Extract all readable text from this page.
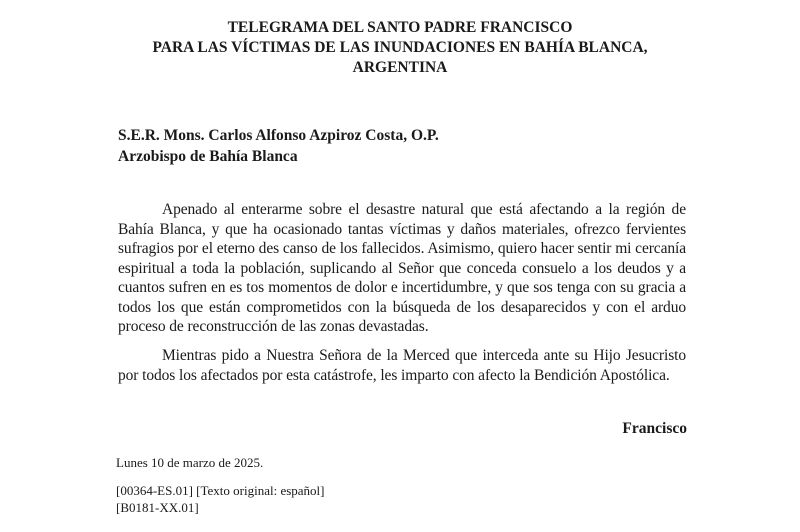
TELEGRAMA DEL SANTO PADRE FRANCISCO
PARA LAS VÍCTIMAS DE LAS INUNDACIONES EN BAHÍA BLANCA,
ARGENTINA
S.E.R. Mons. Carlos Alfonso Azpiroz Costa, O.P.
Arzobispo de Bahía Blanca

Apenado al enterarme sobre el desastre natural que está afectando a la región de Bahía Blanca, y que ha ocasionado tantas víctimas y daños materiales, ofrezco fervientes sufragios por el eterno des canso de los fallecidos. Asimismo, quiero hacer sentir mi cercanía espiritual a toda la población, suplicando al Señor que conceda consuelo a los deudos y a cuantos sufren en es tos momentos de dolor e incertidumbre, y que sos tenga con su gracia a todos los que están comprometidos con la búsqueda de los desaparecidos y con el arduo proceso de reconstrucción de las zonas devastadas.

Mientras pido a Nuestra Señora de la Merced que interceda ante su Hijo Jesucristo por todos los afectados por esta catástrofe, les imparto con afecto la Bendición Apostólica.

Francisco
Lunes 10 de marzo de 2025.
[00364-ES.01] [Texto original: español]
[B0181-XX.01]
